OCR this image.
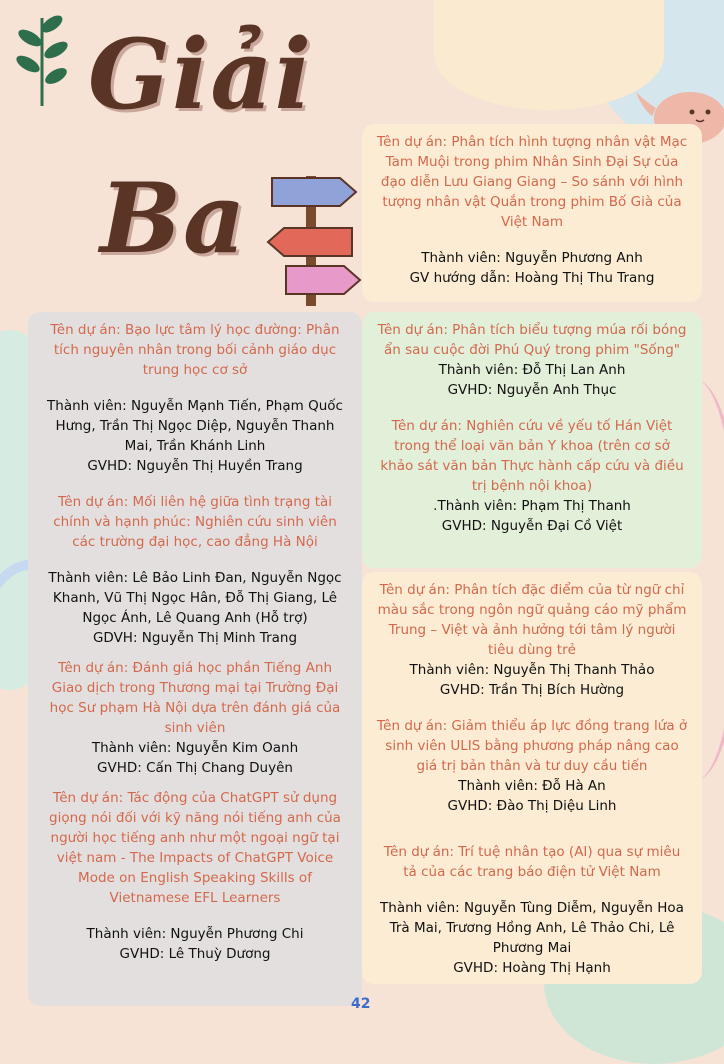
Giải
Ba

Tên dự án: Phân tích hình tượng nhân vật Mạc Tam Muội trong phim Nhân Sinh Đại Sự của đạo diễn Lưu Giang Giang – So sánh với hình tượng nhân vật Quắn trong phim Bố Già của Việt Nam

Thành viên: Nguyễn Phương Anh

GV hướng dẫn: Hoàng Thị Thu Trang

Tên dự án: Bạo lực tâm lý học đường: Phân tích nguyên nhân trong bối cảnh giáo dục trung học cơ sở

Thành viên: Nguyễn Mạnh Tiến, Phạm Quốc Hưng, Trần Thị Ngọc Diệp, Nguyễn Thanh Mai, Trần Khánh Linh

GVHD: Nguyễn Thị Huyền Trang

Tên dự án: Mối liên hệ giữa tình trạng tài chính và hạnh phúc: Nghiên cứu sinh viên các trường đại học, cao đẳng Hà Nội

Thành viên: Lê Bảo Linh Đan, Nguyễn Ngọc Khanh, Vũ Thị Ngọc Hân, Đỗ Thị Giang, Lê Ngọc Ánh, Lê Quang Anh (Hỗ trợ)

GDVH: Nguyễn Thị Minh Trang

Tên dự án: Đánh giá học phần Tiếng Anh Giao dịch trong Thương mại tại Trường Đại học Sư phạm Hà Nội dựa trên đánh giá của sinh viên

Thành viên: Nguyễn Kim Oanh

GVHD: Cấn Thị Chang Duyên

Tên dự án: Tác động của ChatGPT sử dụng giọng nói đối với kỹ năng nói tiếng anh của người học tiếng anh như một ngoại ngữ tại việt nam - The Impacts of ChatGPT Voice Mode on English Speaking Skills of Vietnamese EFL Learners

Thành viên: Nguyễn Phương Chi

GVHD: Lê Thuỳ Dương

Tên dự án: Phân tích biểu tượng múa rối bóng ẩn sau cuộc đời Phú Quý trong phim "Sống"

Thành viên: Đỗ Thị Lan Anh

GVHD: Nguyễn Anh Thục

Tên dự án: Nghiên cứu về yếu tố Hán Việt trong thể loại văn bản Y khoa (trên cơ sở khảo sát văn bản Thực hành cấp cứu và điều trị bệnh nội khoa)

.Thành viên: Phạm Thị Thanh

GVHD: Nguyễn Đại Cồ Việt

Tên dự án: Phân tích đặc điểm của từ ngữ chỉ màu sắc trong ngôn ngữ quảng cáo mỹ phẩm Trung – Việt và ảnh hưởng tới tâm lý người tiêu dùng trẻ

Thành viên: Nguyễn Thị Thanh Thảo

GVHD: Trần Thị Bích Hường

Tên dự án: Giảm thiểu áp lực đồng trang lứa ở sinh viên ULIS bằng phương pháp nâng cao giá trị bản thân và tư duy cầu tiến

Thành viên: Đỗ Hà An

GVHD: Đào Thị Diệu Linh

Tên dự án: Trí tuệ nhân tạo (AI) qua sự miêu tả của các trang báo điện tử Việt Nam

Thành viên: Nguyễn Tùng Diễm, Nguyễn Hoa Trà Mai, Trương Hồng Anh, Lê Thảo Chi, Lê Phương Mai

GVHD: Hoàng Thị Hạnh

42
